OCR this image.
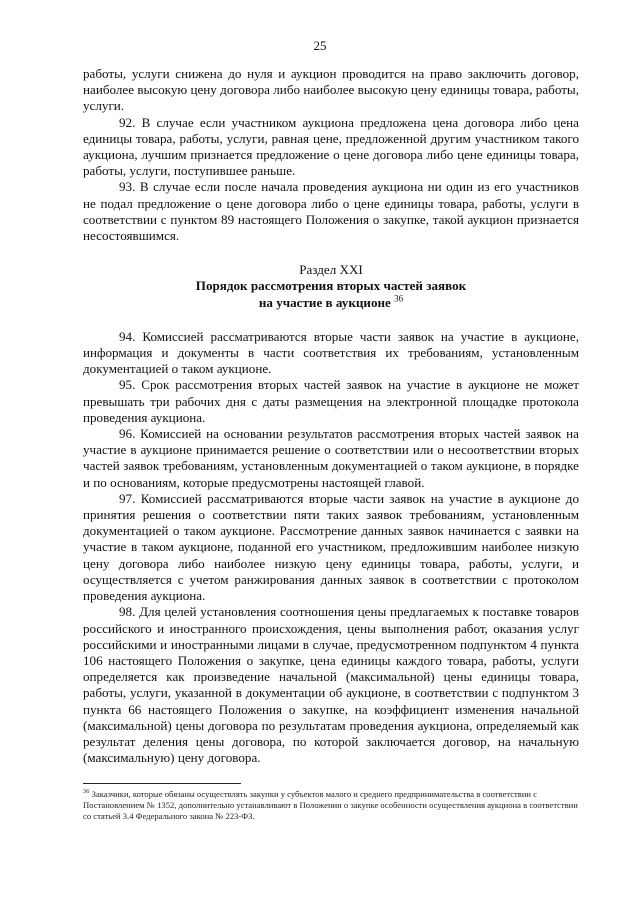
25

работы, услуги снижена до нуля и аукцион проводится на право заключить договор, наиболее высокую цену договора либо наиболее высокую цену единицы товара, работы, услуги.

92. В случае если участником аукциона предложена цена договора либо цена единицы товара, работы, услуги, равная цене, предложенной другим участником такого аукциона, лучшим признается предложение о цене договора либо цене единицы товара, работы, услуги, поступившее раньше.

93. В случае если после начала проведения аукциона ни один из его участников не подал предложение о цене договора либо о цене единицы товара, работы, услуги в соответствии с пунктом 89 настоящего Положения о закупке, такой аукцион признается несостоявшимся.

Раздел XXI

Порядок рассмотрения вторых частей заявок

на участие в аукционе $^{36}$

94. Комиссией рассматриваются вторые части заявок на участие в аукционе, информация и документы в части соответствия их требованиям, установленным документацией о таком аукционе.

95. Срок рассмотрения вторых частей заявок на участие в аукционе не может превышать три рабочих дня с даты размещения на электронной площадке протокола проведения аукциона.

96. Комиссией на основании результатов рассмотрения вторых частей заявок на участие в аукционе принимается решение о соответствии или о несоответствии вторых частей заявок требованиям, установленным документацией о таком аукционе, в порядке и по основаниям, которые предусмотрены настоящей главой.

97. Комиссией рассматриваются вторые части заявок на участие в аукционе до принятия решения о соответствии пяти таких заявок требованиям, установленным документацией о таком аукционе. Рассмотрение данных заявок начинается с заявки на участие в таком аукционе, поданной его участником, предложившим наиболее низкую цену договора либо наиболее низкую цену единицы товара, работы, услуги, и осуществляется с учетом ранжирования данных заявок в соответствии с протоколом проведения аукциона.

98. Для целей установления соотношения цены предлагаемых к поставке товаров российского и иностранного происхождения, цены выполнения работ, оказания услуг российскими и иностранными лицами в случае, предусмотренном подпунктом 4 пункта 106 настоящего Положения о закупке, цена единицы каждого товара, работы, услуги определяется как произведение начальной (максимальной) цены единицы товара, работы, услуги, указанной в документации об аукционе, в соответствии с подпунктом 3 пункта 66 настоящего Положения о закупке, на коэффициент изменения начальной (максимальной) цены договора по результатам проведения аукциона, определяемый как результат деления цены договора, по которой заключается договор, на начальную (максимальную) цену договора.

$^{36}$ Заказчики, которые обязаны осуществлять закупки у субъектов малого и среднего предпринимательства в соответствии с Постановлением № 1352, дополнительно устанавливают в Положении о закупке особенности осуществления аукциона в соответствии со статьей 3.4 Федерального закона № 223-ФЗ.
